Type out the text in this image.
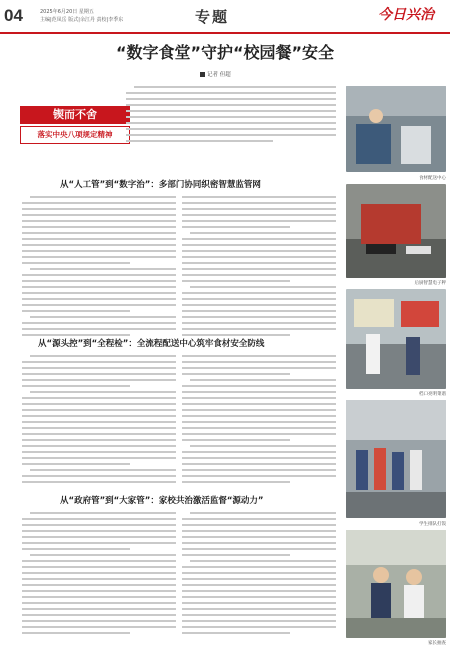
04	2025年6月20日 星期五
主编|范凤岳 版式|余江丹 责校|李季东	专题	今日兴治
“数字食堂”守护“校园餐”安全
记者 但超
锲而不舍
落实中央八项规定精神
食材配送中心
后厨智慧电子秤
档口亮明菜谱
学生排队打饭
家长抽查
从“人工管”到“数字治”：多部门协同织密智慧监管网
从“源头控”到“全程检”：全流程配送中心筑牢食材安全防线
从“政府管”到“大家管”：家校共治激活监督“源动力”
